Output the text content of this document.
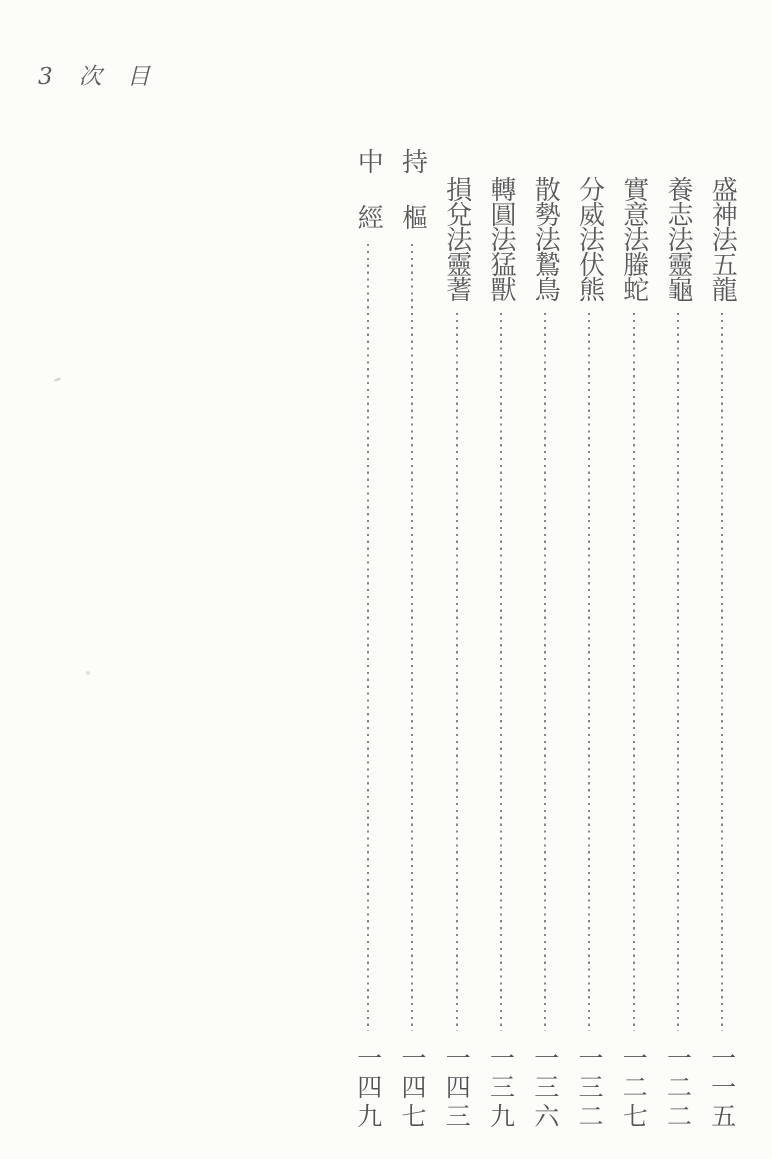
3 次 目
盛神法五龍
一一五
養志法靈龜
一二二
實意法螣蛇
一二七
分威法伏熊
一三二
散勢法鷙鳥
一三六
轉圓法猛獸
一三九
損兌法靈蓍
一四三
持　樞
一四七
中　經
一四九
